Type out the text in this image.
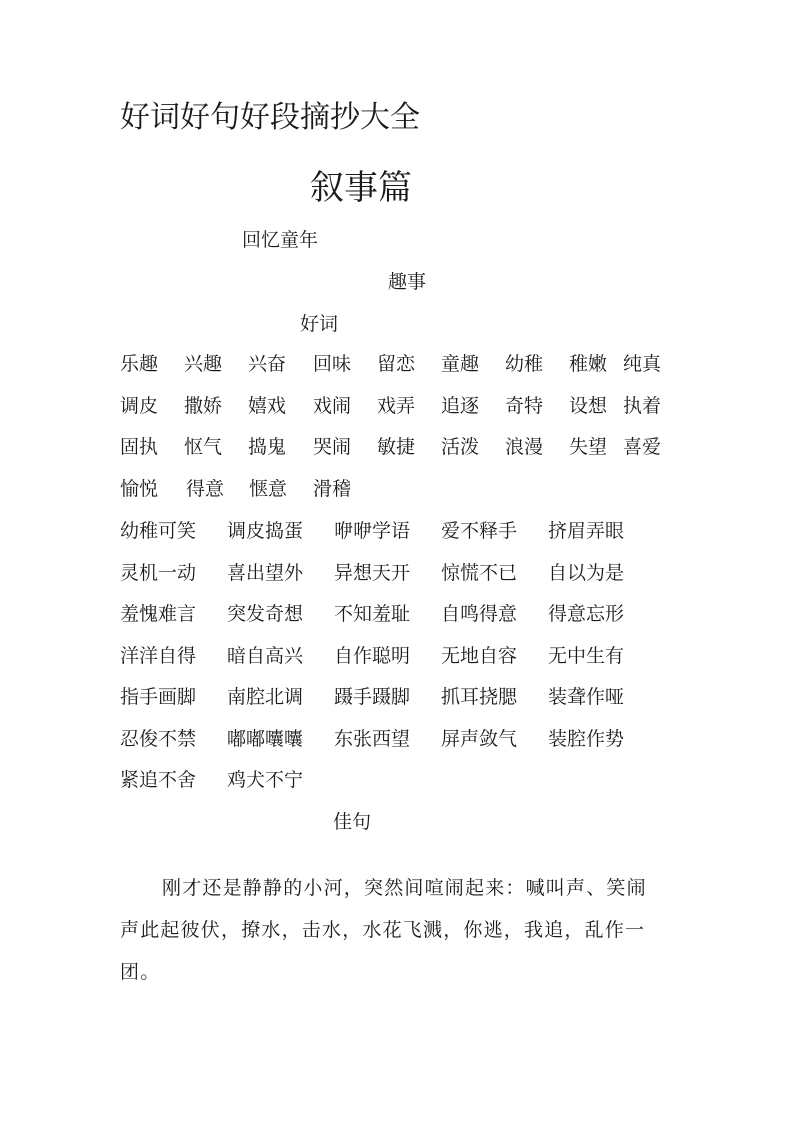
好词好句好段摘抄大全
叙事篇
回忆童年
趣事
好词
乐趣 兴趣 兴奋 回味 留恋 童趣 幼稚 稚嫩 纯真
调皮 撒娇 嬉戏 戏闹 戏弄 追逐 奇特 设想 执着
固执 怄气 捣鬼 哭闹 敏捷 活泼 浪漫 失望 喜爱
愉悦 得意 惬意 滑稽
幼稚可笑 调皮捣蛋 咿咿学语 爱不释手 挤眉弄眼
灵机一动 喜出望外 异想天开 惊慌不已 自以为是
羞愧难言 突发奇想 不知羞耻 自鸣得意 得意忘形
洋洋自得 暗自高兴 自作聪明 无地自容 无中生有
指手画脚 南腔北调 蹑手蹑脚 抓耳挠腮 装聋作哑
忍俊不禁 嘟嘟囔囔 东张西望 屏声敛气 装腔作势
紧追不舍 鸡犬不宁
佳句

刚才还是静静的小河，突然间喧闹起来：喊叫声、笑闹声此起彼伏，撩水，击水，水花飞溅，你逃，我追，乱作一团。
